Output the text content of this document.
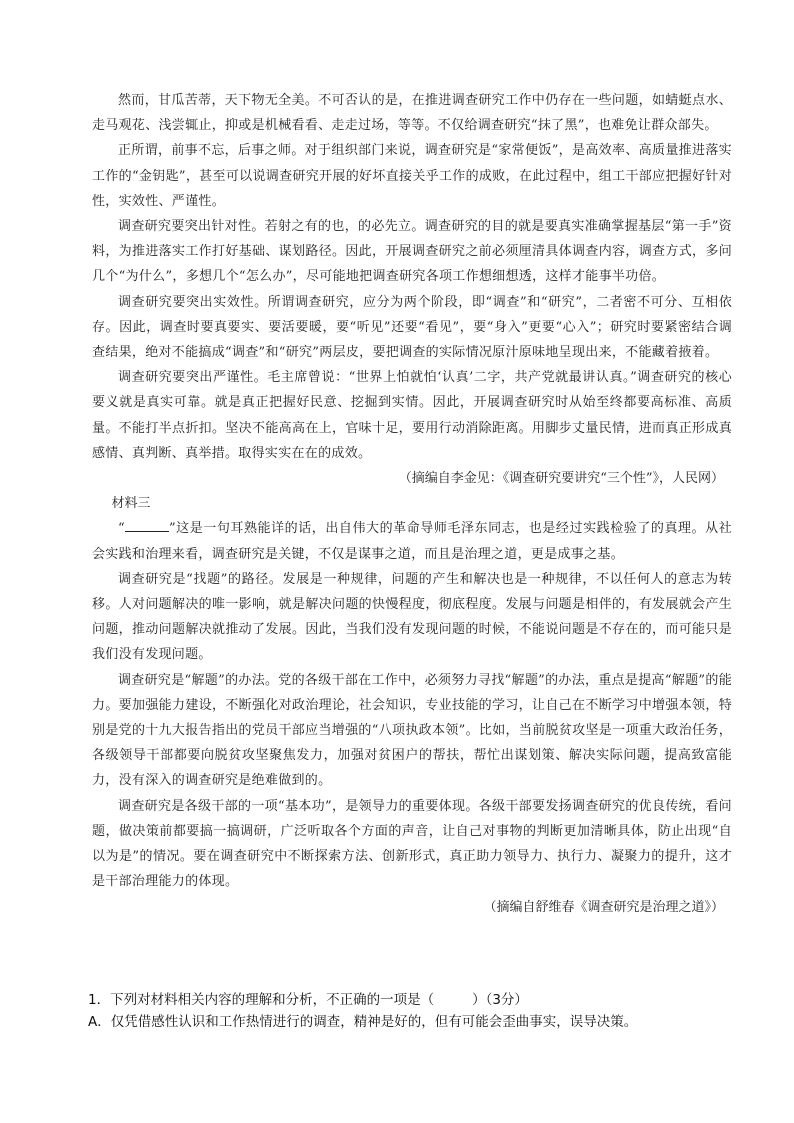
然而，甘瓜苦蒂，天下物无全美。不可否认的是，在推进调查研究工作中仍存在一些问题，如蜻蜓点水、走马观花、浅尝辄止，抑或是机械看看、走走过场，等等。不仅给调查研究“抹了黑”，也难免让群众部失。

正所谓，前事不忘，后事之师。对于组织部门来说，调查研究是“家常便饭”，是高效率、高质量推进落实工作的“金钥匙”，甚至可以说调查研究开展的好坏直接关乎工作的成败，在此过程中，组工干部应把握好针对性，实效性、严谨性。

调查研究要突出针对性。若射之有的也，的必先立。调查研究的目的就是要真实准确掌握基层“第一手”资料，为推进落实工作打好基础、谋划路径。因此，开展调查研究之前必须厘清具体调查内容，调查方式，多问几个“为什么”，多想几个“怎么办”，尽可能地把调查研究各项工作想细想透，这样才能事半功倍。

调查研究要突出实效性。所谓调查研究，应分为两个阶段，即“调查”和“研究”，二者密不可分、互相依存。因此，调查时要真要实、要活要暖，要“听见”还要“看见”，要“身入”更要“心入”；研究时要紧密结合调查结果，绝对不能搞成“调查”和“研究”两层皮，要把调查的实际情况原汁原味地呈现出来，不能藏着掖着。

调查研究要突出严谨性。毛主席曾说：“世界上怕就怕‘认真’二字，共产党就最讲认真。”调查研究的核心要义就是真实可靠。就是真正把握好民意、挖掘到实情。因此，开展调查研究时从始至终都要高标准、高质量。不能打半点折扣。坚决不能高高在上，官味十足，要用行动消除距离。用脚步丈量民情，进而真正形成真感情、真判断、真举措。取得实实在在的成效。

（摘编自李金见：《调查研究要讲究“三个性”》，人民网）

材料三

“	”这是一句耳熟能详的话，出自伟大的革命导师毛泽东同志，也是经过实践检验了的真理。从社会实践和治理来看，调查研究是关键，不仅是谋事之道，而且是治理之道，更是成事之基。

调查研究是“找题”的路径。发展是一种规律，问题的产生和解决也是一种规律，不以任何人的意志为转移。人对问题解决的唯一影响，就是解决问题的快慢程度，彻底程度。发展与问题是相伴的，有发展就会产生问题，推动问题解决就推动了发展。因此，当我们没有发现问题的时候，不能说问题是不存在的，而可能只是我们没有发现问题。

调查研究是“解题”的办法。党的各级干部在工作中，必须努力寻找“解题”的办法，重点是提高“解题”的能力。要加强能力建设，不断强化对政治理论，社会知识，专业技能的学习，让自己在不断学习中增强本领，特别是党的十九大报告指出的党员干部应当增强的“八项执政本领”。比如，当前脱贫攻坚是一项重大政治任务，各级领导干部都要向脱贫攻坚聚焦发力，加强对贫困户的帮扶，帮忙出谋划策、解决实际问题，提高致富能力，没有深入的调查研究是绝难做到的。

调查研究是各级干部的一项“基本功”，是领导力的重要体现。各级干部要发扬调查研究的优良传统，看问题，做决策前都要搞一搞调研，广泛听取各个方面的声音，让自己对事物的判断更加清晰具体，防止出现“自以为是”的情况。要在调查研究中不断探索方法、创新形式，真正助力领导力、执行力、凝聚力的提升，这才是干部治理能力的体现。

（摘编自舒维春《调查研究是治理之道》）

1．下列对材料相关内容的理解和分析，不正确的一项是（	）（3分）

A．仅凭借感性认识和工作热情进行的调查，精神是好的，但有可能会歪曲事实，误导决策。
